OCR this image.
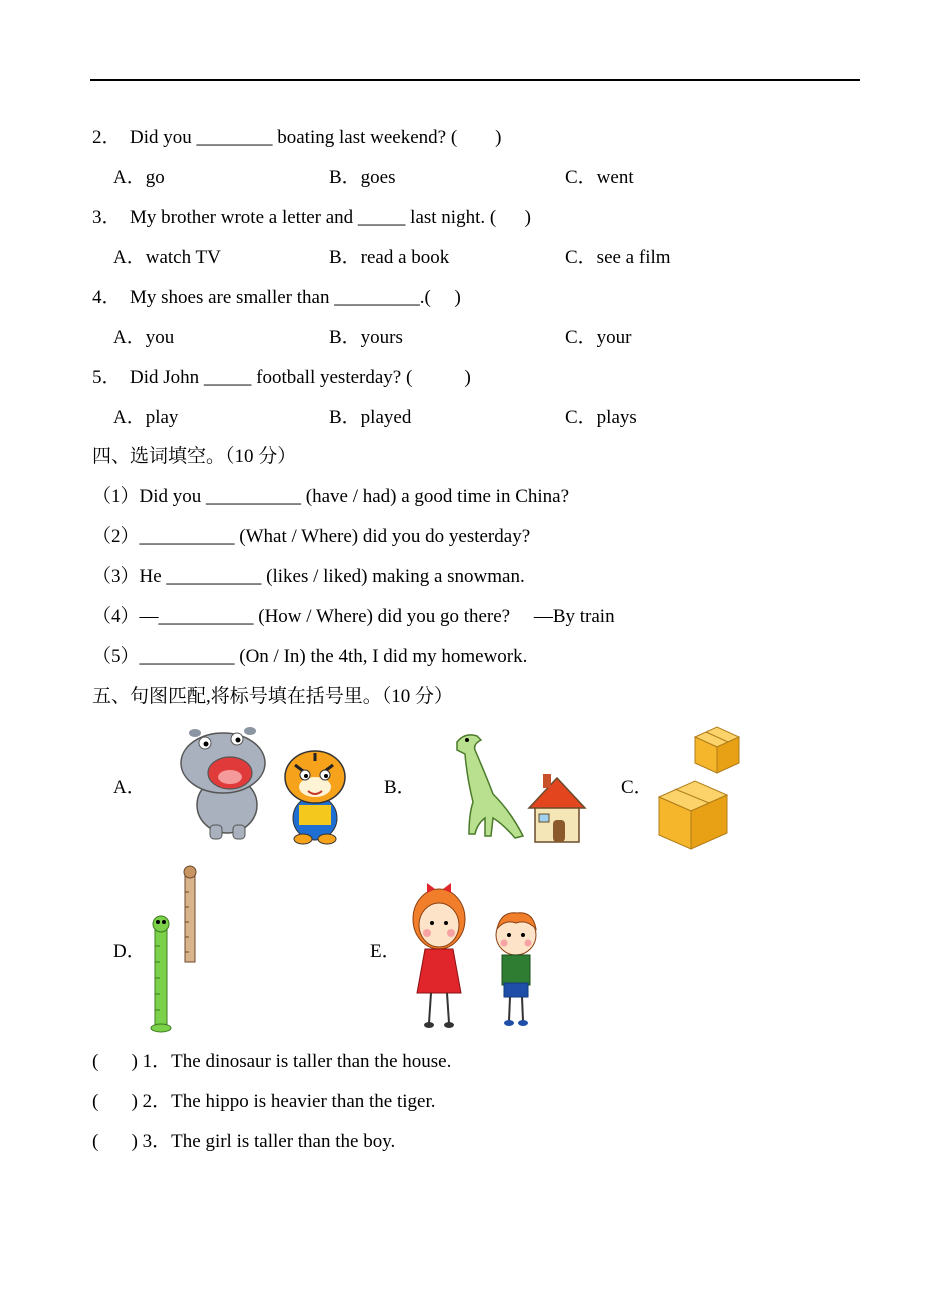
2．  Did you ________ boating last weekend? (        )
A．go	B．goes	C．went
3．  My brother wrote a letter and _____ last night. (      )
A．watch TV	B．read a book	C．see a film
4．  My shoes are smaller than _________.(     )
A．you	B．yours	C．your
5．  Did John _____ football yesterday? (           )
A．play	B．played	C．plays
四、选词填空。（10 分）
（1）Did you __________ (have / had) a good time in China?
（2）__________ (What / Where) did you do yesterday?
（3）He __________ (likes / liked) making a snowman.
（4）—__________ (How / Where) did you go there?     —By train
（5）__________ (On / In) the 4th, I did my homework.
五、句图匹配,将标号填在括号里。（10 分）
A．	B．	C．
D．	E．
(       ) 1．The dinosaur is taller than the house.
(       ) 2．The hippo is heavier than the tiger.
(       ) 3．The girl is taller than the boy.
